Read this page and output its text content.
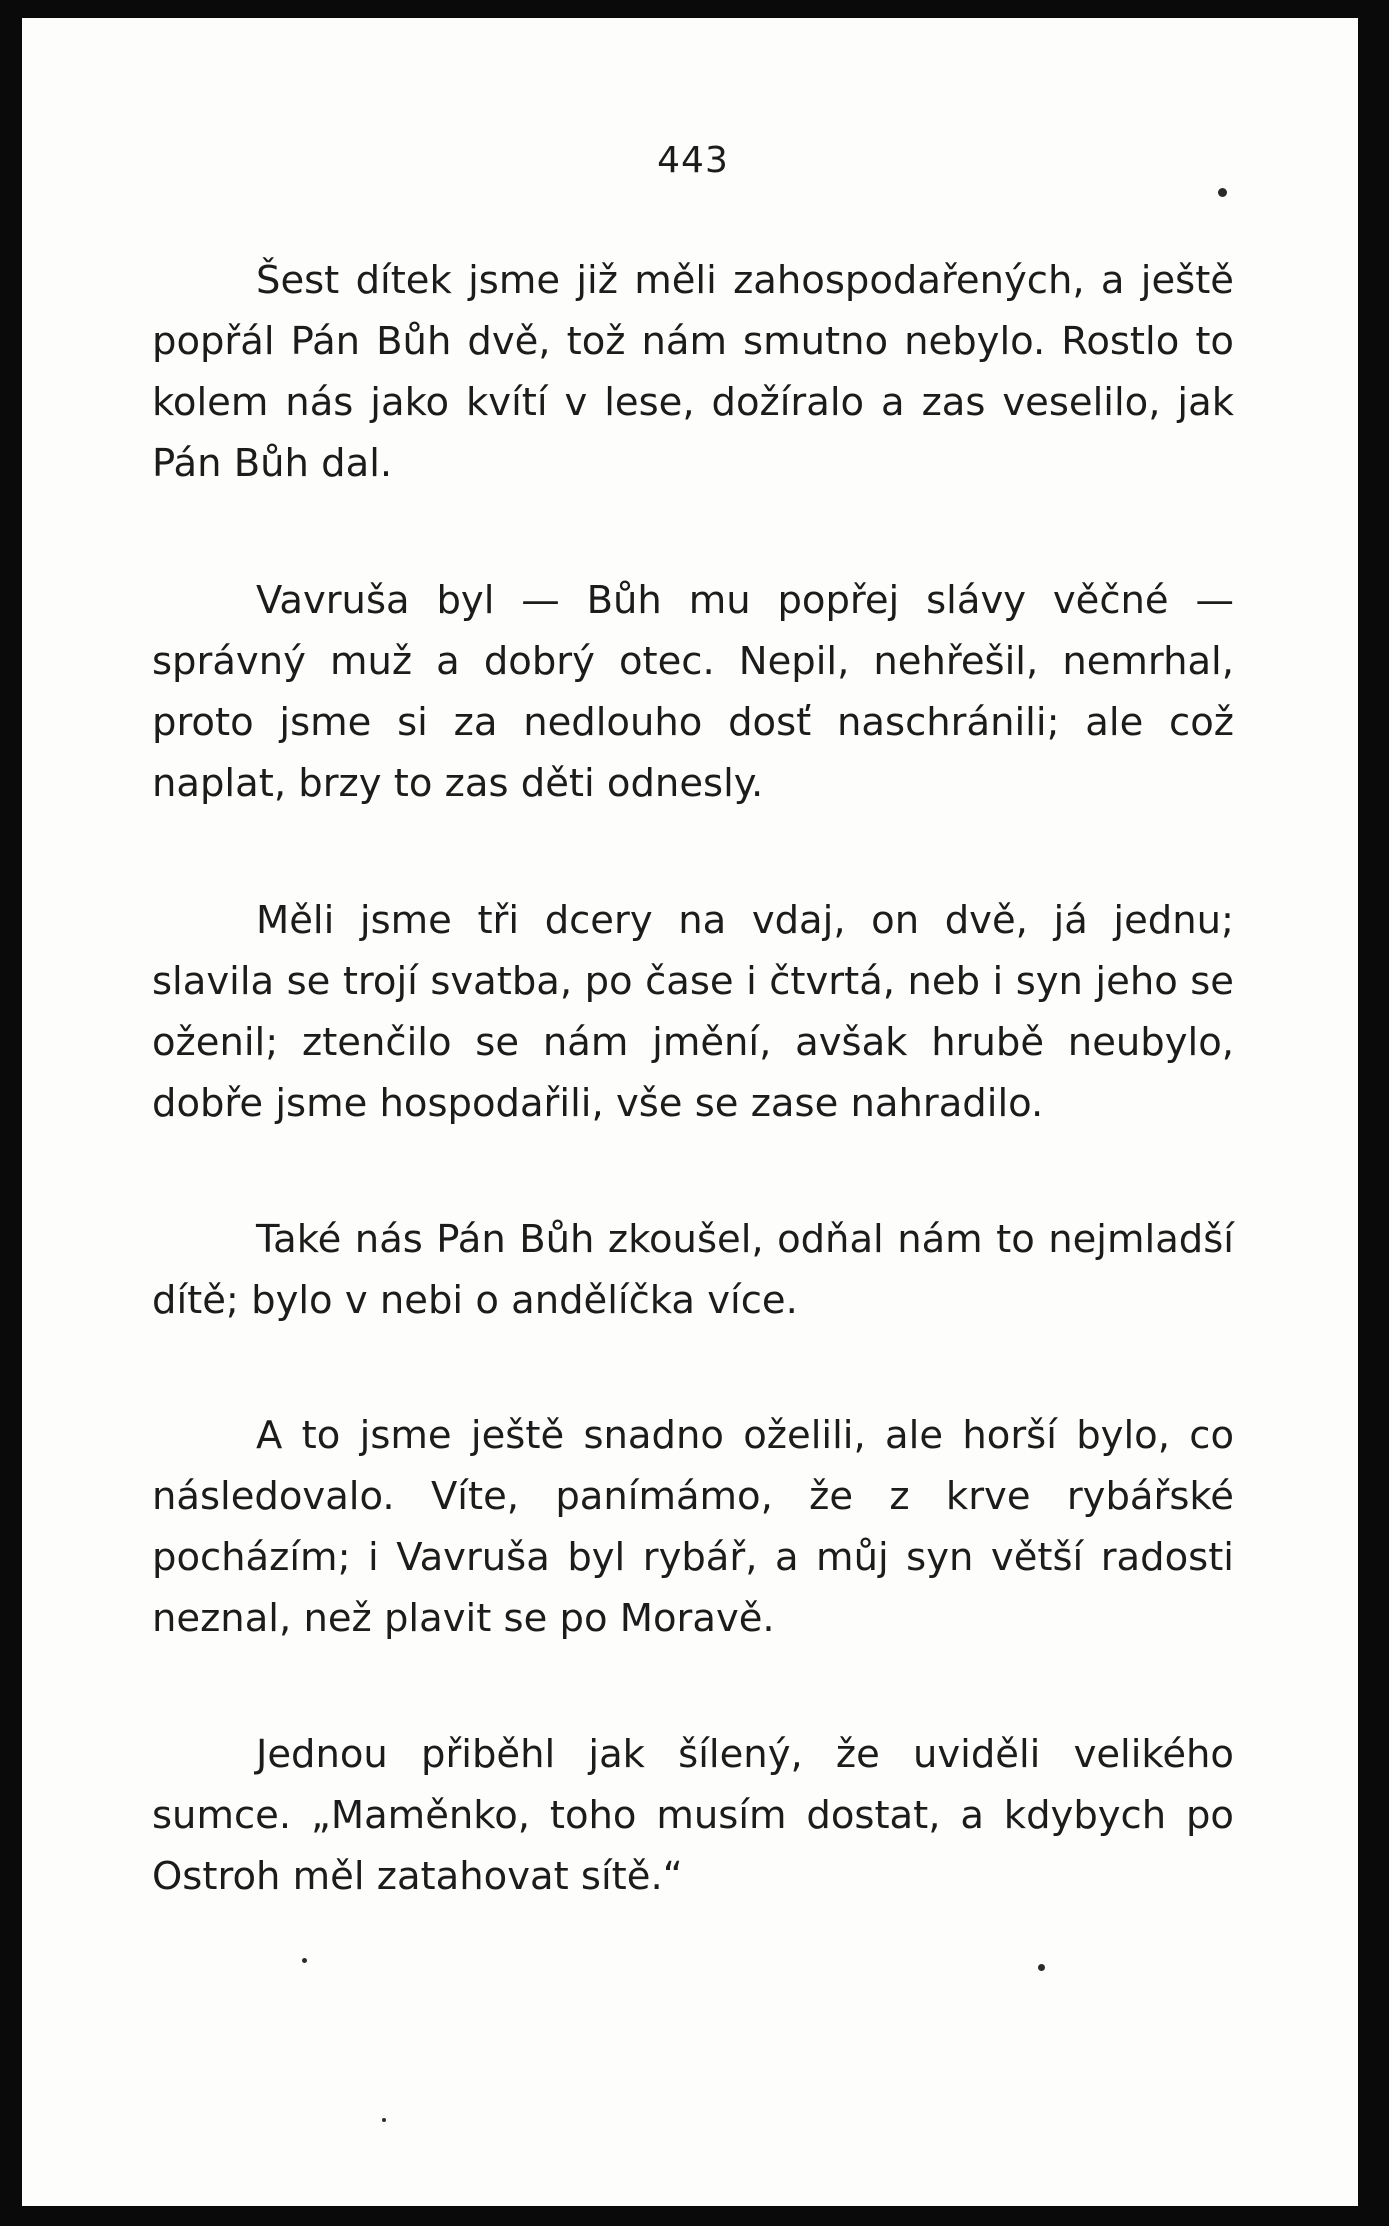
443

Šest dítek jsme již měli zahospodařených, a ještě popřál Pán Bůh dvě, tož nám smutno nebylo. Rostlo to kolem nás jako kvítí v lese, dožíralo a zas veselilo, jak Pán Bůh dal.

Vavruša byl — Bůh mu popřej slávy věčné — správný muž a dobrý otec. Nepil, nehřešil, nemrhal, proto jsme si za nedlouho dosť naschránili; ale což naplat, brzy to zas děti odnesly.

Měli jsme tři dcery na vdaj, on dvě, já jednu; slavila se trojí svatba, po čase i čtvrtá, neb i syn jeho se oženil; ztenčilo se nám jmění, avšak hrubě neubylo, dobře jsme hospodařili, vše se zase nahradilo.

Také nás Pán Bůh zkoušel, odňal nám to nejmladší dítě; bylo v nebi o andělíčka více.

A to jsme ještě snadno oželili, ale horší bylo, co následovalo. Víte, panímámo, že z krve rybářské pocházím; i Vavruša byl rybář, a můj syn větší radosti neznal, než plavit se po Moravě.

Jednou přiběhl jak šílený, že uviděli velikého sumce. „Maměnko, toho musím dostat, a kdybych po Ostroh měl zatahovat sítě.“
